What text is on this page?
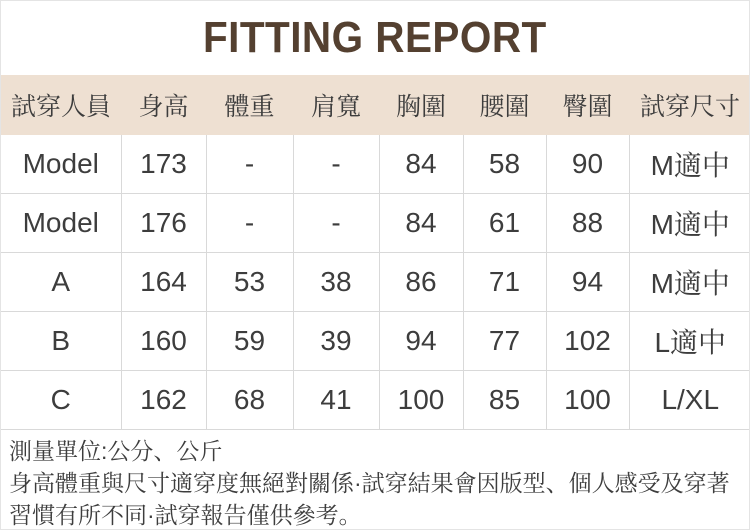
FITTING REPORT
試穿人員	身高	體重	肩寬	胸圍	腰圍	臀圍	試穿尺寸
Model	173	-	-	84	58	90	M適中
Model	176	-	-	84	61	88	M適中
A	164	53	38	86	71	94	M適中
B	160	59	39	94	77	102	L適中
C	162	68	41	100	85	100	L/XL

測量單位:公分、公斤

身高體重與尺寸適穿度無絕對關係·試穿結果會因版型、個人感受及穿著習慣有所不同·試穿報告僅供參考。
